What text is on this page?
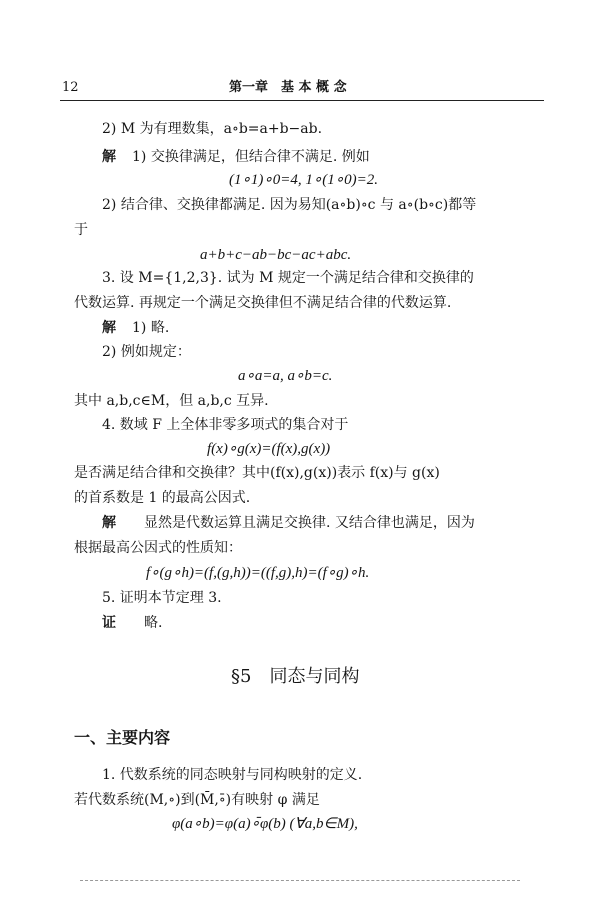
12	第一章　基 本 概 念
2) M 为有理数集，a∘b=a+b−ab.
解 1) 交换律满足，但结合律不满足. 例如
(1∘1)∘0=4, 1∘(1∘0)=2.
2) 结合律、交换律都满足. 因为易知(a∘b)∘c 与 a∘(b∘c)都等
于
a+b+c−ab−bc−ac+abc.
3. 设 M={1,2,3}. 试为 M 规定一个满足结合律和交换律的
代数运算. 再规定一个满足交换律但不满足结合律的代数运算.
解 1) 略.
2) 例如规定：
a∘a=a, a∘b=c.
其中 a,b,c∈M，但 a,b,c 互异.
4. 数域 F 上全体非零多项式的集合对于
f(x)∘g(x)=(f(x),g(x))
是否满足结合律和交换律？其中(f(x),g(x))表示 f(x)与 g(x)
的首系数是 1 的最高公因式.
解 显然是代数运算且满足交换律. 又结合律也满足，因为
根据最高公因式的性质知：
f∘(g∘h)=(f,(g,h))=((f,g),h)=(f∘g)∘h.
5. 证明本节定理 3.
证 略.
§5　同态与同构
一、主要内容
1. 代数系统的同态映射与同构映射的定义.
若代数系统(M,∘)到(M̄,∘̄)有映射 φ 满足
φ(a∘b)=φ(a)∘̄φ(b) (∀a,b∈M),
